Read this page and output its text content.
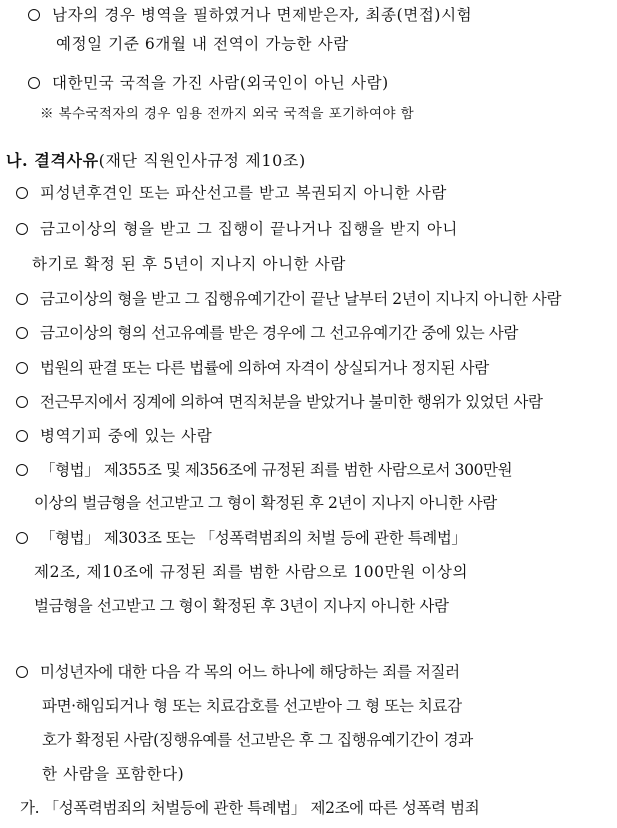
남자의 경우 병역을 필하였거나 면제받은자, 최종(면접)시험
예정일 기준 6개월 내 전역이 가능한 사람
대한민국 국적을 가진 사람(외국인이 아닌 사람)
※ 복수국적자의 경우 임용 전까지 외국 국적을 포기하여야 함
나. 결격사유(재단 직원인사규정 제10조)
피성년후견인 또는 파산선고를 받고 복권되지 아니한 사람
금고이상의 형을 받고 그 집행이 끝나거나 집행을 받지 아니
하기로 확정 된 후 5년이 지나지 아니한 사람
금고이상의 형을 받고 그 집행유예기간이 끝난 날부터 2년이 지나지 아니한 사람
금고이상의 형의 선고유예를 받은 경우에 그 선고유예기간 중에 있는 사람
법원의 판결 또는 다른 법률에 의하여 자격이 상실되거나 정지된 사람
전근무지에서 징계에 의하여 면직처분을 받았거나 불미한 행위가 있었던 사람
병역기피 중에 있는 사람
「형법」 제355조 및 제356조에 규정된 죄를 범한 사람으로서 300만원
이상의 벌금형을 선고받고 그 형이 확정된 후 2년이 지나지 아니한 사람
「형법」 제303조 또는 「성폭력범죄의 처벌 등에 관한 특례법」
제2조, 제10조에 규정된 죄를 범한 사람으로 100만원 이상의
벌금형을 선고받고 그 형이 확정된 후 3년이 지나지 아니한 사람
미성년자에 대한 다음 각 목의 어느 하나에 해당하는 죄를 저질러
파면·해임되거나 형 또는 치료감호를 선고받아 그 형 또는 치료감
호가 확정된 사람(징행유예를 선고받은 후 그 집행유예기간이 경과
한 사람을 포함한다)
가. 「성폭력범죄의 처벌등에 관한 특례법」 제2조에 따른 성폭력 범죄
